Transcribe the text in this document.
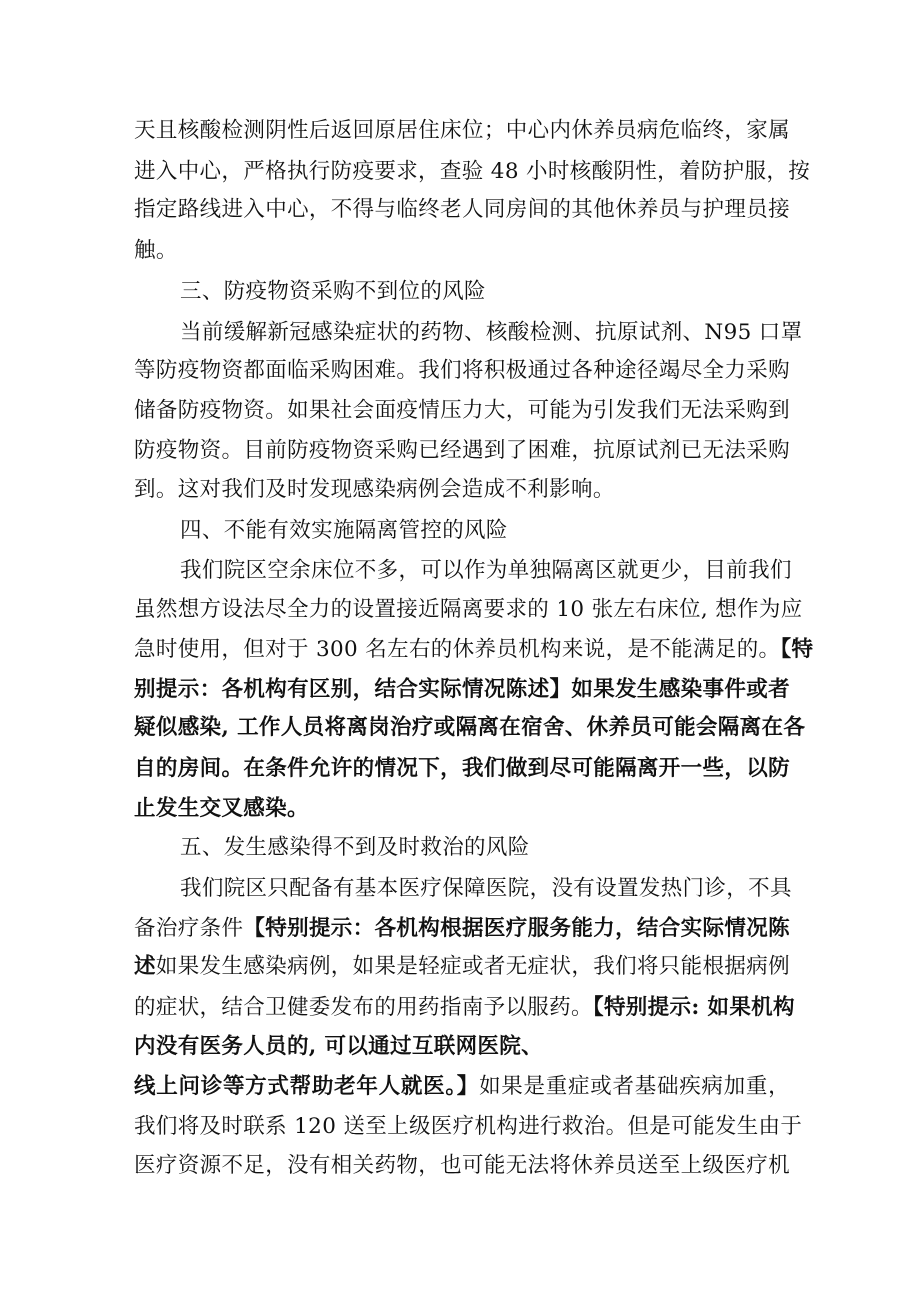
天且核酸检测阴性后返回原居住床位；中心内休养员病危临终，家属
进入中心，严格执行防疫要求，查验 48 小时核酸阴性，着防护服，按
指定路线进入中心，不得与临终老人同房间的其他休养员与护理员接
触。
三、防疫物资采购不到位的风险
当前缓解新冠感染症状的药物、核酸检测、抗原试剂、N95 口罩
等防疫物资都面临采购困难。我们将积极通过各种途径竭尽全力采购
储备防疫物资。如果社会面疫情压力大，可能为引发我们无法采购到
防疫物资。目前防疫物资采购已经遇到了困难，抗原试剂已无法采购
到。这对我们及时发现感染病例会造成不利影响。
四、不能有效实施隔离管控的风险
我们院区空余床位不多，可以作为单独隔离区就更少，目前我们
虽然想方设法尽全力的设置接近隔离要求的 10 张左右床位, 想作为应
急时使用，但对于 300 名左右的休养员机构来说，是不能满足的。【特
别提示：各机构有区别，结合实际情况陈述】如果发生感染事件或者
疑似感染, 工作人员将离岗治疗或隔离在宿舍、休养员可能会隔离在各
自的房间。在条件允许的情况下，我们做到尽可能隔离开一些，以防
止发生交叉感染。
五、发生感染得不到及时救治的风险
我们院区只配备有基本医疗保障医院，没有设置发热门诊，不具
备治疗条件【特别提示：各机构根据医疗服务能力，结合实际情况陈
述如果发生感染病例，如果是轻症或者无症状，我们将只能根据病例
的症状，结合卫健委发布的用药指南予以服药。【特别提示: 如果机构
内没有医务人员的, 可以通过互联网医院、
线上问诊等方式帮助老年人就医。】如果是重症或者基础疾病加重，
我们将及时联系 120 送至上级医疗机构进行救治。但是可能发生由于
医疗资源不足，没有相关药物，也可能无法将休养员送至上级医疗机
